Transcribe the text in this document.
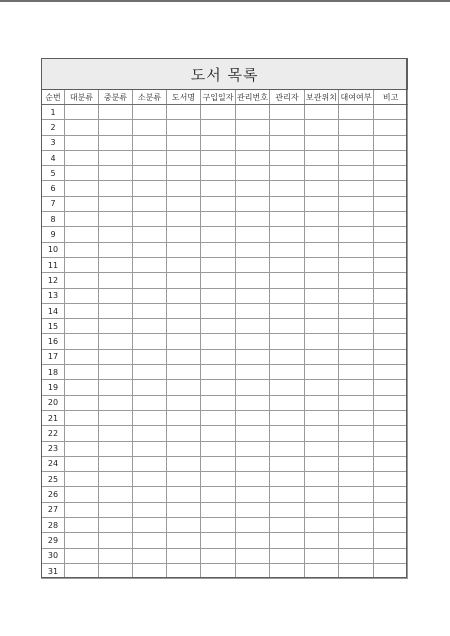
도서 목록										
순번	대분류	중분류	소분류	도서명	구입일자	관리번호	관리자	보관위치	대여여부	비고
1										
2										
3										
4										
5										
6										
7										
8										
9										
10										
11										
12										
13										
14										
15										
16										
17										
18										
19										
20										
21										
22										
23										
24										
25										
26										
27										
28										
29										
30										
31										
